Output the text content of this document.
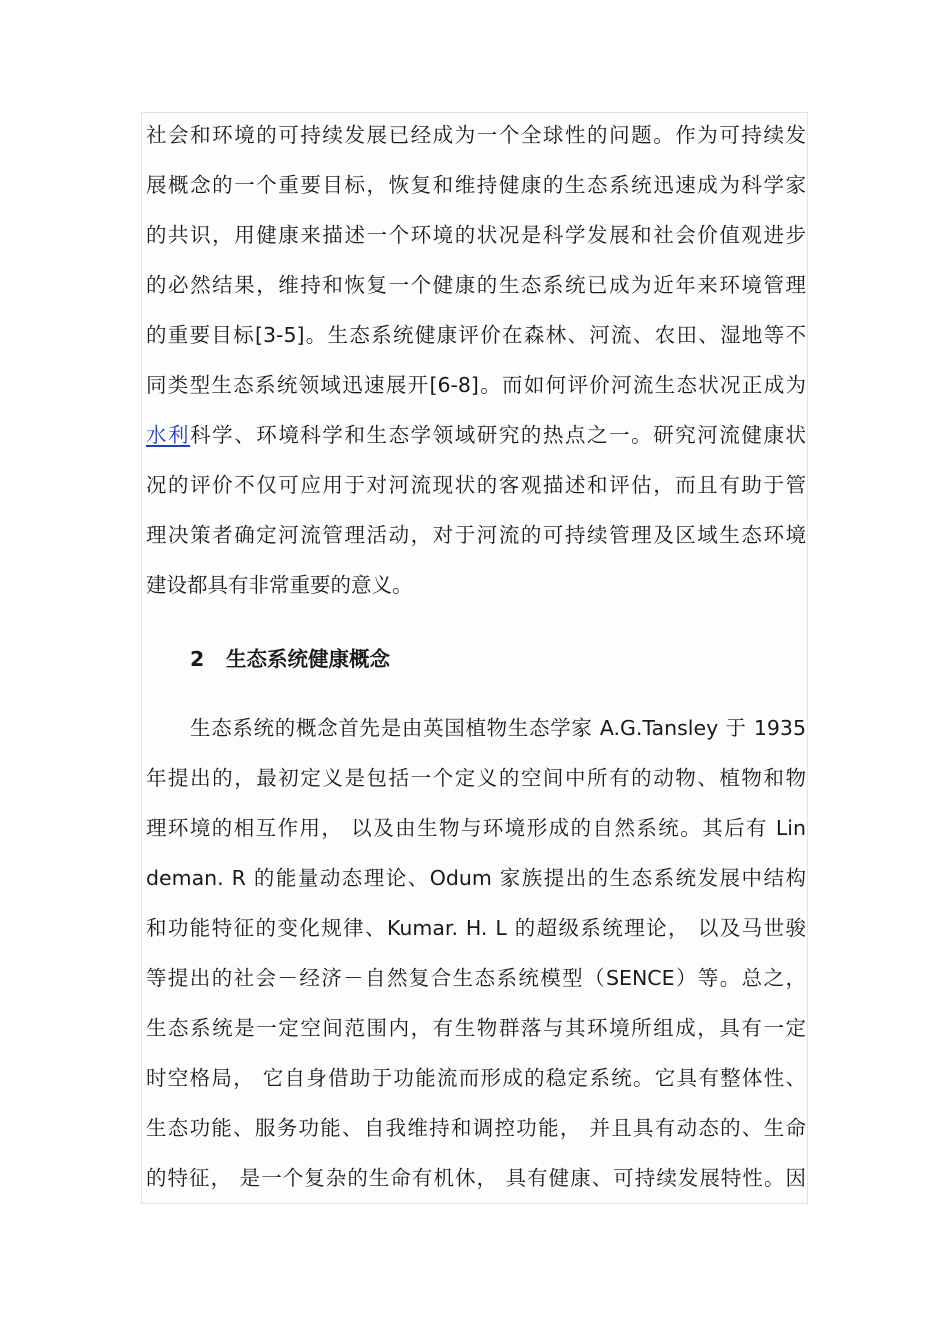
社会和环境的可持续发展已经成为一个全球性的问题。作为可持续发
展概念的一个重要目标，恢复和维持健康的生态系统迅速成为科学家
的共识，用健康来描述一个环境的状况是科学发展和社会价值观进步
的必然结果，维持和恢复一个健康的生态系统已成为近年来环境管理
的重要目标[3-5]。生态系统健康评价在森林、河流、农田、湿地等不
同类型生态系统领域迅速展开[6-8]。而如何评价河流生态状况正成为
水利科学、环境科学和生态学领域研究的热点之一。研究河流健康状
况的评价不仅可应用于对河流现状的客观描述和评估，而且有助于管
理决策者确定河流管理活动，对于河流的可持续管理及区域生态环境
建设都具有非常重要的意义。
2 生态系统健康概念
生态系统的概念首先是由英国植物生态学家 A.G.Tansley 于 1935
年提出的，最初定义是包括一个定义的空间中所有的动物、植物和物
理环境的相互作用， 以及由生物与环境形成的自然系统。其后有 Lin
deman. R 的能量动态理论、Odum 家族提出的生态系统发展中结构
和功能特征的变化规律、Kumar. H. L 的超级系统理论， 以及马世骏
等提出的社会－经济－自然复合生态系统模型（SENCE）等。总之，
生态系统是一定空间范围内，有生物群落与其环境所组成，具有一定
时空格局， 它自身借助于功能流而形成的稳定系统。它具有整体性、
生态功能、服务功能、自我维持和调控功能， 并且具有动态的、生命
的特征， 是一个复杂的生命有机休， 具有健康、可持续发展特性。因
